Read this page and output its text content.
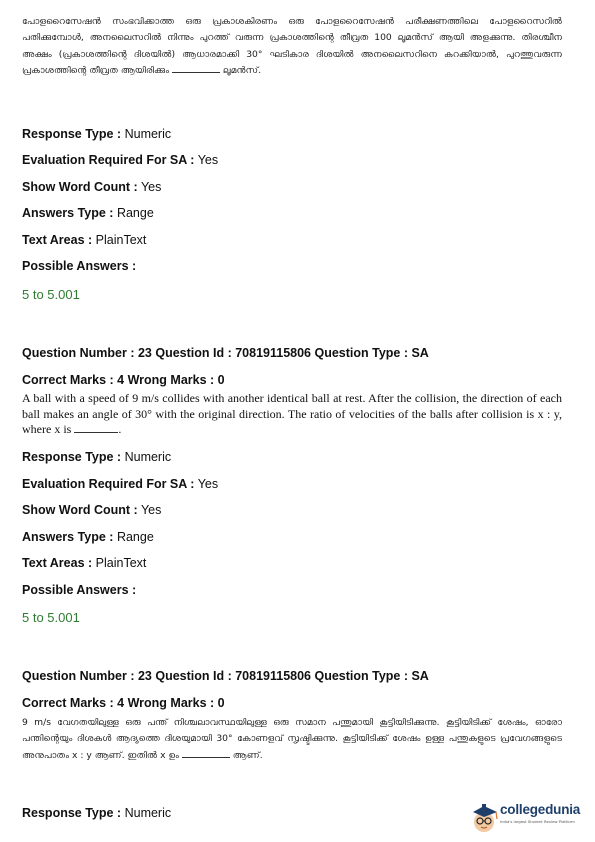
പോളറൈസേഷൻ സംഭവിക്കാത്ത ഒരു പ്രകാശകിരണം ഒരു പോളറൈസേഷൻ പരീക്ഷണത്തിലെ പോളറൈസറിൽ പതിക്കുമ്പോൾ, അനലൈസറിൽ നിന്നും പുറത്ത് വരുന്ന പ്രകാശത്തിന്റെ തീവ്രത 100 ലൂമൻസ് ആയി അളക്കുന്നു. തിരശ്ചീന അക്ഷം (പ്രകാശത്തിന്റെ ദിശയിൽ) ആധാരമാക്കി 30° ഘടികാര ദിശയിൽ അനലൈസറിനെ കറക്കിയാൽ, പുറത്തുവരുന്ന പ്രകാശത്തിന്റെ തീവ്രത ആയിരിക്കും	ലൂമൻസ്.
Response Type : Numeric
Evaluation Required For SA : Yes
Show Word Count : Yes
Answers Type : Range
Text Areas : PlainText
Possible Answers :
5 to 5.001
Question Number : 23 Question Id : 70819115806 Question Type : SA
Correct Marks : 4 Wrong Marks : 0
A ball with a speed of 9 m/s collides with another identical ball at rest. After the collision, the direction of each ball makes an angle of 30° with the original direction. The ratio of velocities of the balls after collision is x : y, where x is	.
Response Type : Numeric
Evaluation Required For SA : Yes
Show Word Count : Yes
Answers Type : Range
Text Areas : PlainText
Possible Answers :
5 to 5.001
Question Number : 23 Question Id : 70819115806 Question Type : SA
Correct Marks : 4 Wrong Marks : 0
9 m/s വേഗതയിലുള്ള ഒരു പന്ത് നിശ്ചലാവസ്ഥയിലുള്ള ഒരു സമാന പന്തുമായി കൂട്ടിയിടിക്കുന്നു. കൂട്ടിയിടിക്ക് ശേഷം, ഓരോ പന്തിന്റെയും ദിശകൾ ആദ്യത്തെ ദിശയുമായി 30° കോണളവ് സൃഷ്ടിക്കുന്നു. കൂട്ടിയിടിക്ക് ശേഷം ഉള്ള പന്തുകളുടെ പ്രവേഗങ്ങളുടെ അനുപാതം x : y ആണ്. ഇതിൽ x ഉം	ആണ്.
Response Type : Numeric	collegedunia
India's largest Student Review Platform
